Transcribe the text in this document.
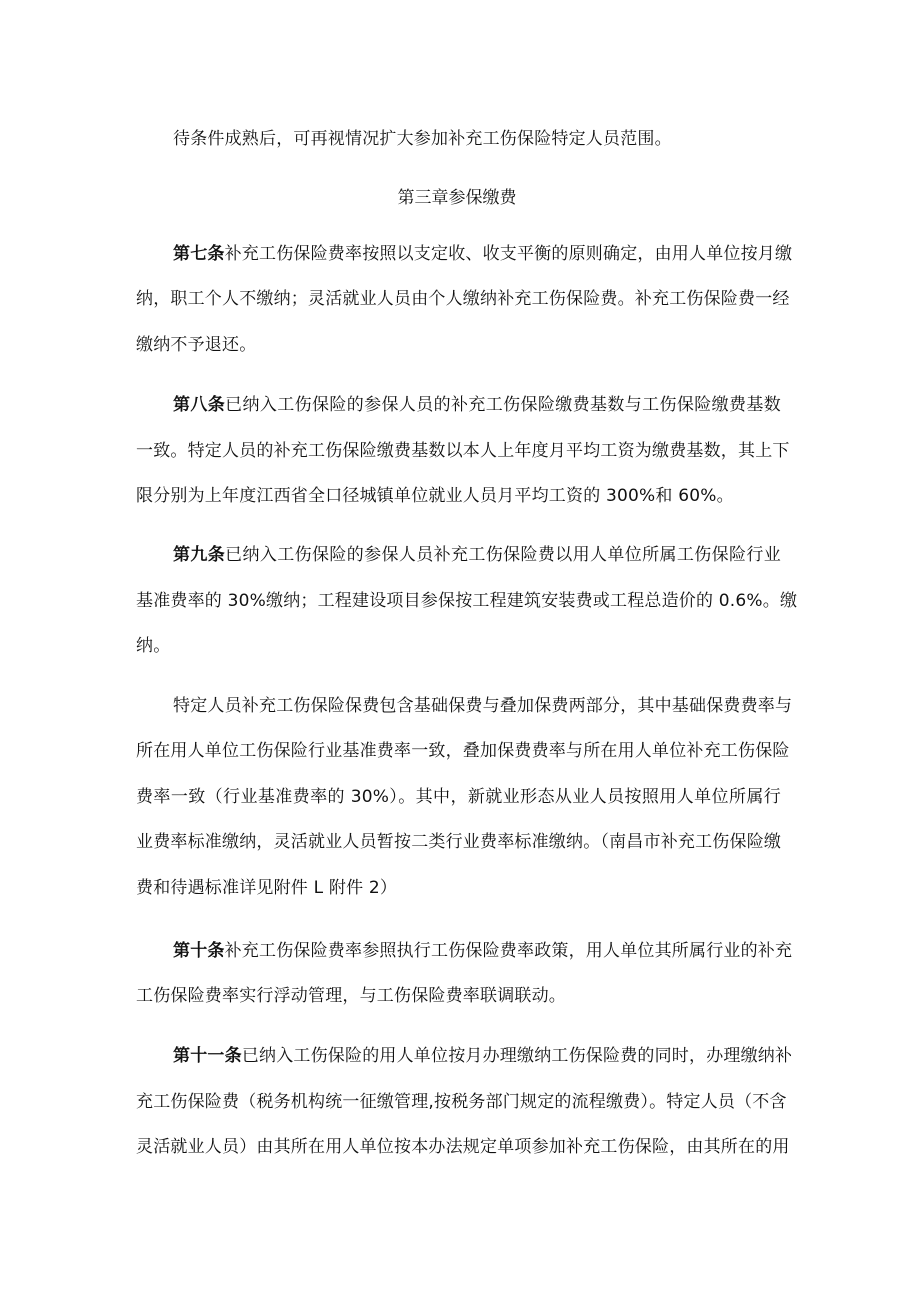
待条件成熟后，可再视情况扩大参加补充工伤保险特定人员范围。
第三章参保缴费
第七条补充工伤保险费率按照以支定收、收支平衡的原则确定，由用人单位按月缴
纳，职工个人不缴纳；灵活就业人员由个人缴纳补充工伤保险费。补充工伤保险费一经
缴纳不予退还。
第八条已纳入工伤保险的参保人员的补充工伤保险缴费基数与工伤保险缴费基数
一致。特定人员的补充工伤保险缴费基数以本人上年度月平均工资为缴费基数，其上下
限分别为上年度江西省全口径城镇单位就业人员月平均工资的 300%和 60%。
第九条已纳入工伤保险的参保人员补充工伤保险费以用人单位所属工伤保险行业
基准费率的 30%缴纳；工程建设项目参保按工程建筑安装费或工程总造价的 0.6%。缴
纳。
特定人员补充工伤保险保费包含基础保费与叠加保费两部分，其中基础保费费率与
所在用人单位工伤保险行业基准费率一致，叠加保费费率与所在用人单位补充工伤保险
费率一致（行业基准费率的 30%）。其中，新就业形态从业人员按照用人单位所属行
业费率标准缴纳，灵活就业人员暂按二类行业费率标准缴纳。（南昌市补充工伤保险缴
费和待遇标准详见附件 L 附件 2）
第十条补充工伤保险费率参照执行工伤保险费率政策，用人单位其所属行业的补充
工伤保险费率实行浮动管理，与工伤保险费率联调联动。
第十一条已纳入工伤保险的用人单位按月办理缴纳工伤保险费的同时，办理缴纳补
充工伤保险费（税务机构统一征缴管理,按税务部门规定的流程缴费）。特定人员（不含
灵活就业人员）由其所在用人单位按本办法规定单项参加补充工伤保险，由其所在的用
